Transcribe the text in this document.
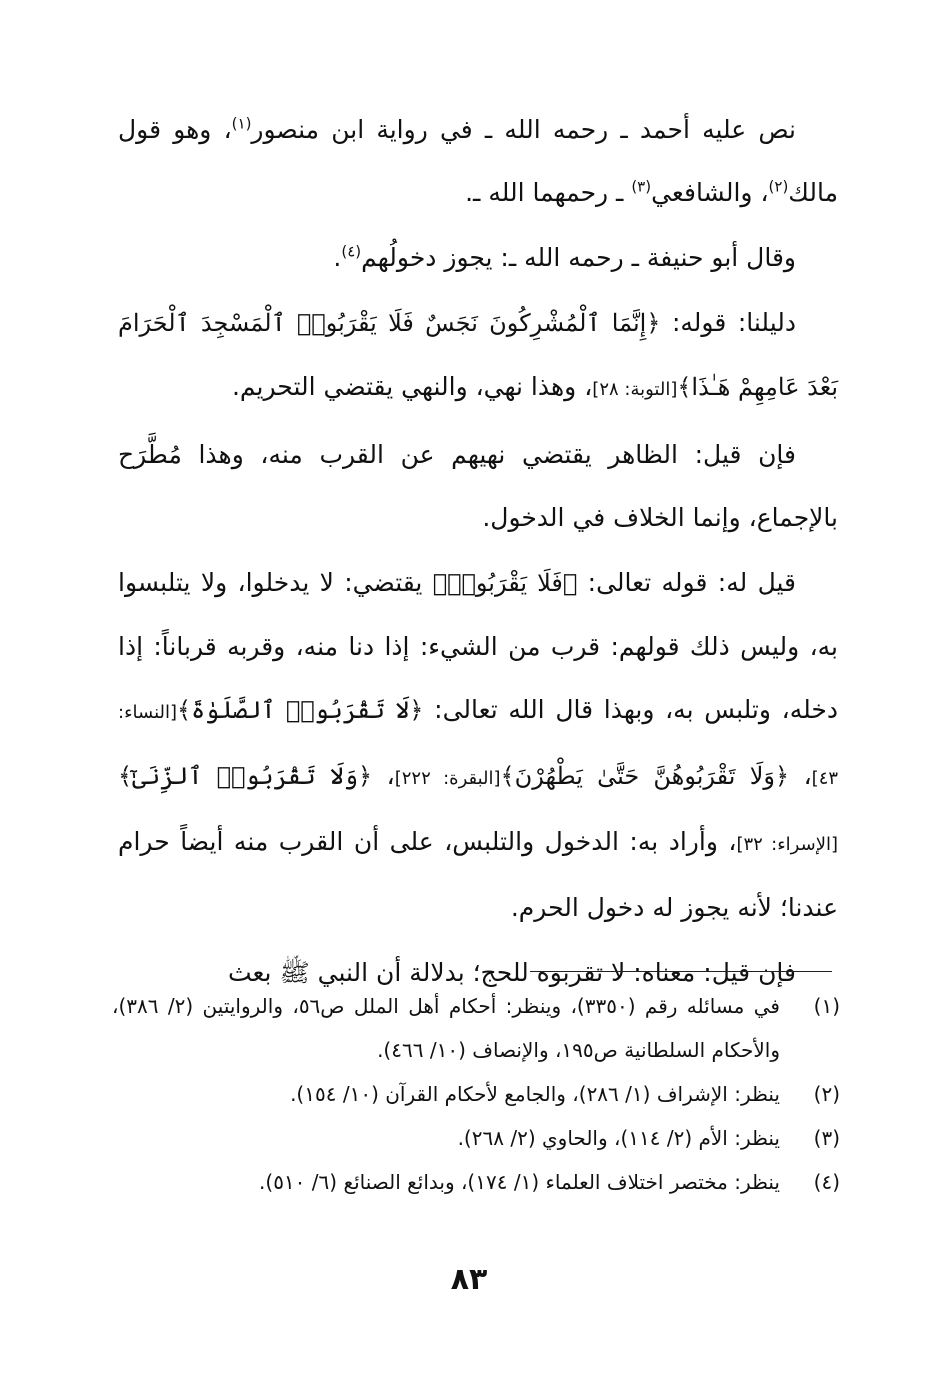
نص عليه أحمد ـ رحمه الله ـ في رواية ابن منصور$^{(١)}$، وهو قول مالك$^{(٢)}$، والشافعي$^{(٣)}$ ـ رحمهما الله ـ.

وقال أبو حنيفة ـ رحمه الله ـ: يجوز دخولُهم$^{(٤)}$.

دليلنا: قوله: ﴿إِنَّمَا ٱلْمُشْرِكُونَ نَجَسٌ فَلَا يَقْرَبُوا۟ ٱلْمَسْجِدَ ٱلْحَرَامَ بَعْدَ عَامِهِمْ هَـٰذَا﴾[التوبة: ٢٨]، وهذا نهي، والنهي يقتضي التحريم.

فإن قيل: الظاهر يقتضي نهيهم عن القرب منه، وهذا مُطَّرَح بالإجماع، وإنما الخلاف في الدخول.

قيل له: قوله تعالى: ﴿فَلَا يَقْرَبُوا۟﴾ يقتضي: لا يدخلوا، ولا يتلبسوا به، وليس ذلك قولهم: قرب من الشيء: إذا دنا منه، وقربه قرباناً: إذا دخله، وتلبس به، وبهذا قال الله تعالى: ﴿لَا تَقْرَبُوا۟ ٱلصَّلَوٰةَ﴾[النساء: ٤٣]، ﴿وَلَا تَقْرَبُوهُنَّ حَتَّىٰ يَطْهُرْنَ﴾[البقرة: ٢٢٢]، ﴿وَلَا تَقْرَبُوا۟ ٱلزِّنَىٰٓ﴾[الإسراء: ٣٢]، وأراد به: الدخول والتلبس، على أن القرب منه أيضاً حرام عندنا؛ لأنه يجوز له دخول الحرم.

فإن قيل: معناه: لا تقربوه للحج؛ بدلالة أن النبي ﷺ بعث

(١)
في مسائله رقم (٣٣٥٠)، وينظر: أحكام أهل الملل ص٥٦، والروايتين (٢/ ٣٨٦)، والأحكام السلطانية ص١٩٥، والإنصاف (١٠/ ٤٦٦).
(٢)
ينظر: الإشراف (١/ ٢٨٦)، والجامع لأحكام القرآن (١٠/ ١٥٤).
(٣)
ينظر: الأم (٢/ ١١٤)، والحاوي (٢/ ٢٦٨).
(٤)
ينظر: مختصر اختلاف العلماء (١/ ١٧٤)، وبدائع الصنائع (٦/ ٥١٠).
٨٣
